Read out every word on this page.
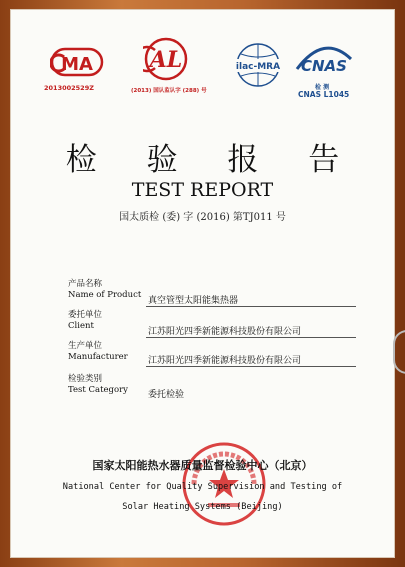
MA
2013002529Z
AL
(2013) 国认监认字 (288) 号
ilac-MRA CNAS
检 测
CNAS L1045
检 验 报 告
TEST REPORT
国太质检 (委) 字 (2016) 第TJ011 号
产品名称
Name of Product
真空管型太阳能集热器
委托单位
Client
江苏阳光四季新能源科技股份有限公司
生产单位
Manufacturer 江苏阳光四季新能源科技股份有限公司
检验类别
Test Category 委托检验
国家太阳能热水器质量监督检验中心（北京）
National Center for Quality Supervision and Testing of
Solar Heating Systems (Beijing)
